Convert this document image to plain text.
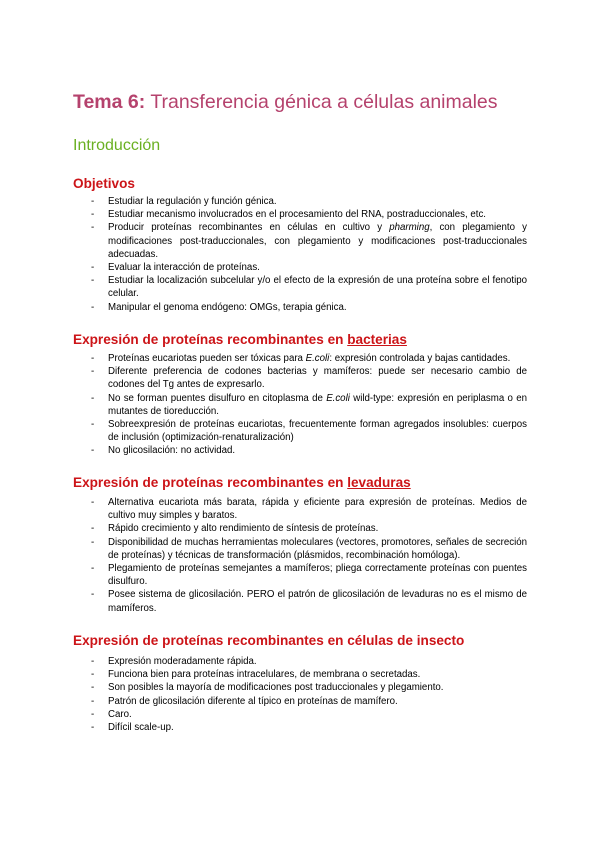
Tema 6: Transferencia génica a células animales
Introducción
Objetivos
- Estudiar la regulación y función génica.
- Estudiar mecanismo involucrados en el procesamiento del RNA, postraduccionales, etc.
- Producir proteínas recombinantes en células en cultivo y pharming, con plegamiento y modificaciones post-traduccionales, con plegamiento y modificaciones post-traduccionales adecuadas.
- Evaluar la interacción de proteínas.
- Estudiar la localización subcelular y/o el efecto de la expresión de una proteína sobre el fenotipo celular.
- Manipular el genoma endógeno: OMGs, terapia génica.
Expresión de proteínas recombinantes en bacterias
- Proteínas eucariotas pueden ser tóxicas para E.coli: expresión controlada y bajas cantidades.
- Diferente preferencia de codones bacterias y mamíferos: puede ser necesario cambio de codones del Tg antes de expresarlo.
- No se forman puentes disulfuro en citoplasma de E.coli wild-type: expresión en periplasma o en mutantes de tioreducción.
- Sobreexpresión de proteínas eucariotas, frecuentemente forman agregados insolubles: cuerpos de inclusión (optimización-renaturalización)
- No glicosilación: no actividad.
Expresión de proteínas recombinantes en levaduras
- Alternativa eucariota más barata, rápida y eficiente para expresión de proteínas. Medios de cultivo muy simples y baratos.
- Rápido crecimiento y alto rendimiento de síntesis de proteínas.
- Disponibilidad de muchas herramientas moleculares (vectores, promotores, señales de secreción de proteínas) y técnicas de transformación (plásmidos, recombinación homóloga).
- Plegamiento de proteínas semejantes a mamíferos; pliega correctamente proteínas con puentes disulfuro.
- Posee sistema de glicosilación. PERO el patrón de glicosilación de levaduras no es el mismo de mamíferos.
Expresión de proteínas recombinantes en células de insecto
- Expresión moderadamente rápida.
- Funciona bien para proteínas intracelulares, de membrana o secretadas.
- Son posibles la mayoría de modificaciones post traduccionales y plegamiento.
- Patrón de glicosilación diferente al típico en proteínas de mamífero.
- Caro.
- Difícil scale-up.
